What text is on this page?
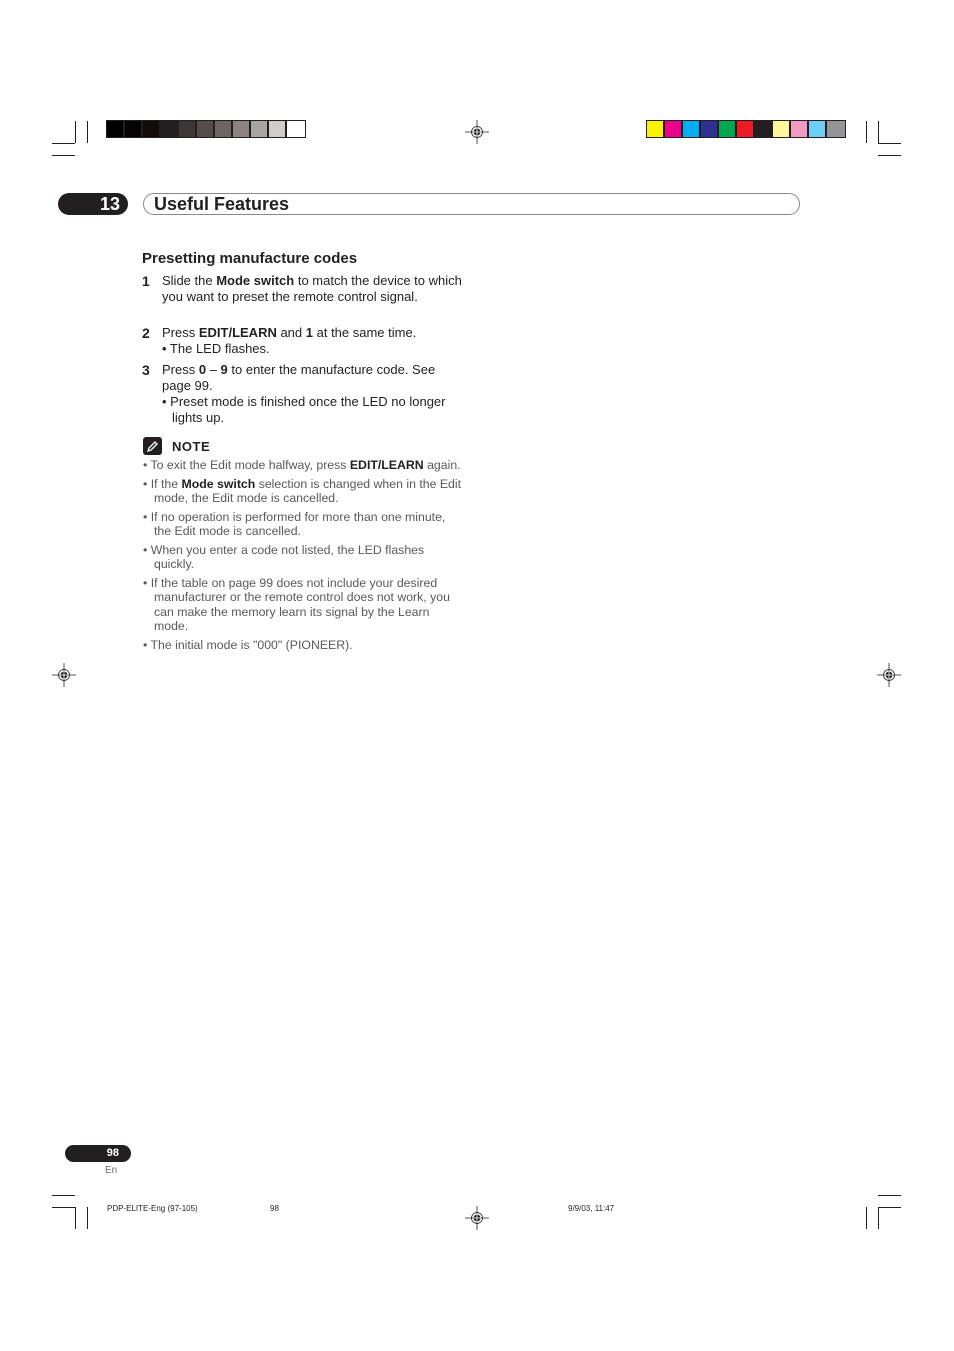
13	Useful Features
Presetting manufacture codes
1 Slide the Mode switch to match the device to which you want to preset the remote control signal.
2 Press EDIT/LEARN and 1 at the same time.
• The LED flashes.
3 Press 0 – 9 to enter the manufacture code. See page 99.
• Preset mode is finished once the LED no longer lights up.
NOTE
• To exit the Edit mode halfway, press EDIT/LEARN again.
• If the Mode switch selection is changed when in the Edit mode, the Edit mode is cancelled.
• If no operation is performed for more than one minute, the Edit mode is cancelled.
• When you enter a code not listed, the LED flashes quickly.
• If the table on page 99 does not include your desired manufacturer or the remote control does not work, you can make the memory learn its signal by the Learn mode.
• The initial mode is "000" (PIONEER).
98
En
PDP-ELITE-Eng (97-105)	98	9/9/03, 11:47
